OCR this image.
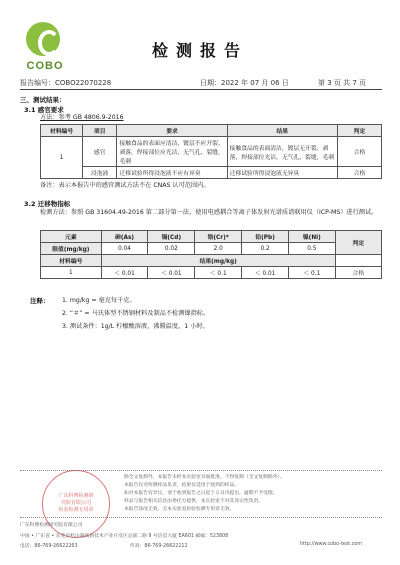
COBO
检测报告
报告编号：COBO22070228	日期：2022 年 07 月 06 日	第 3 页 共 7 页
三、测试结果：
3.1 感官要求
方法：参考 GB 4806.9-2016
材料编号	项目	要求	结果	判定
1	感官	接触食品的表面应清洁，镀层不应开裂、剥落，焊接部位应光洁，无气孔、裂缝，毛刺	接触食品的表面清洁，镀层无开裂、剥落，焊接部位光洁，无气孔、裂缝，毛刺	合格
	浸泡液	迁移试验所得浸泡液不应有异臭	迁移试验所得浸泡液无异臭	合格
备注：表示本报告中的感官测试方法不在 CNAS 认可范围内。
3.2 迁移物指标
检测方法：参照 GB 31604.49-2016 第二部分第一法，使用电感耦合等离子体发射光谱质谱联用仪（ICP-MS）进行测试。
元素	砷(As)	镉(Cd)	铬(Cr)*	铅(Pb)	镍(Ni)	判定
限值(mg/kg)	0.04	0.02	2.0	0.2	0.5	
材料编号	结果(mg/kg)					
1	＜ 0.01	＜ 0.01	＜ 0.1	＜ 0.01	＜ 0.1	合格
注释： 1. mg/kg = 毫克每千克。
2. “＃” = 马氏体型不锈钢材料及制品不检测镍指标。
3. 测试条件：1g/L 柠檬酸溶液，沸腾温度，1 小时。
广东科博检测研究院有限公司
检验检测专用章
除全文复制外，本报告未经本实验室书面批准，不得复制（全文复制除外）。
本报告仅对所测样品负责，结果仅适用于收到的样品。
如对本报告有异议，请于收到报告之日起十五日内提出，逾期不予受理。
样品与报告相关信息由委托方提供，本实验室不对其真实性负责。
本报告涂改无效，无本实验室检验检测专用章无效。
广东科博检测研究院有限公司
中国 • 广东省 • 东莞市松山湖高新技术产业开发区总部二路 9 号信息大厦 EA601 邮编：523808
电话：86-769-26622263	传真：86-769-26622212	http://www.cobo-test.com
